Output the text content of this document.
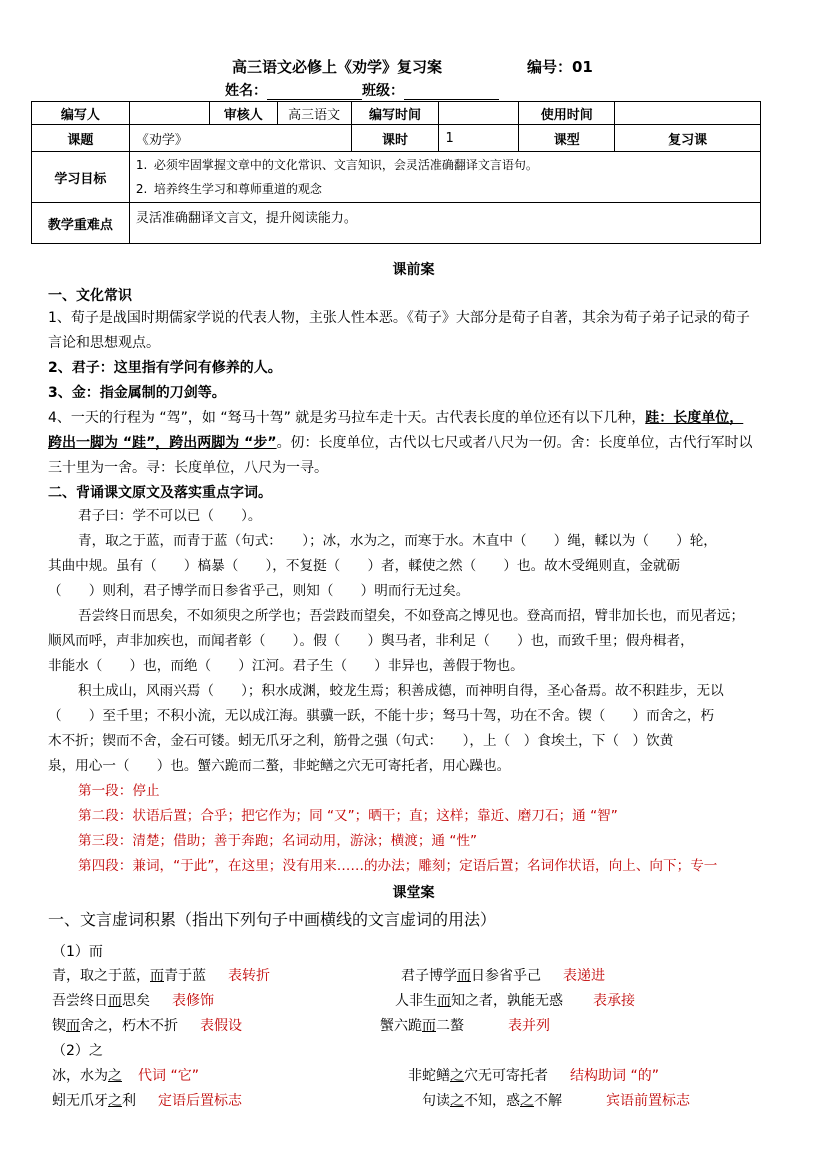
高三语文必修上《劝学》复习案	编号：01
姓名：	班级：
编写人		审核人	高三语文	编写时间		使用时间	
课题	《劝学》			课时	1	课型	复习课
学习目标	1. 必须牢固掌握文章中的文化常识、文言知识，会灵活准确翻译文言语句。
2. 培养终生学习和尊师重道的观念						

教学重难点	灵活准确翻译文言文，提升阅读能力。						
课前案
一、文化常识
1、荀子是战国时期儒家学说的代表人物，主张人性本恶。《荀子》大部分是荀子自著，其余为荀子弟子记录的荀子
言论和思想观点。
2、君子：这里指有学问有修养的人。
3、金：指金属制的刀剑等。
4、一天的行程为 “驾”，如 “驽马十驾” 就是劣马拉车走十天。古代表长度的单位还有以下几种，跬：长度单位，
跨出一脚为 “跬”，跨出两脚为 “步”。仞：长度单位，古代以七尺或者八尺为一仞。舍：长度单位，古代行军时以
三十里为一舍。寻：长度单位，八尺为一寻。
二、背诵课文原文及落实重点字词。
君子曰：学不可以已（　　）。
青，取之于蓝，而青于蓝（句式：　　）；冰，水为之，而寒于水。木直中（　　）绳，輮以为（　　）轮，
其曲中规。虽有（　　）槁暴（　　），不复挺（　　）者，輮使之然（　　）也。故木受绳则直，金就砺
（　　）则利，君子博学而日参省乎己，则知（　　）明而行无过矣。
吾尝终日而思矣，不如须臾之所学也；吾尝跂而望矣，不如登高之博见也。登高而招，臂非加长也，而见者远；
顺风而呼，声非加疾也，而闻者彰（　　）。假（　　）舆马者，非利足（　　）也，而致千里；假舟楫者，
非能水（　　）也，而绝（　　）江河。君子生（　　）非异也，善假于物也。
积土成山，风雨兴焉（　　）；积水成渊，蛟龙生焉；积善成德，而神明自得，圣心备焉。故不积跬步，无以
（　　）至千里；不积小流，无以成江海。骐骥一跃，不能十步；驽马十驾，功在不舍。锲（　　）而舍之，朽
木不折；锲而不舍，金石可镂。蚓无爪牙之利，筋骨之强（句式：　　），上（　）食埃土，下（　）饮黄
泉，用心一（　　）也。蟹六跪而二螯，非蛇鳝之穴无可寄托者，用心躁也。
第一段：停止
第二段：状语后置；合乎；把它作为；同 “又”；晒干；直；这样；靠近、磨刀石；通 “智”
第三段：清楚；借助；善于奔跑；名词动用，游泳；横渡；通 “性”
第四段：兼词，“于此”，在这里；没有用来……的办法；雕刻；定语后置；名词作状语，向上、向下；专一
课堂案
一、文言虚词积累（指出下列句子中画横线的文言虚词的用法）
（1）而
青，取之于蓝，而青于蓝 表转折	君子博学而日参省乎己 表递进
吾尝终日而思矣 表修饰	人非生而知之者，孰能无惑 表承接
锲而舍之，朽木不折 表假设	蟹六跪而二螯	表并列
（2）之
冰，水为之 代词 “它”	非蛇鳝之穴无可寄托者 结构助词 “的”
蚓无爪牙之利 定语后置标志	句读之不知，惑之不解	宾语前置标志
